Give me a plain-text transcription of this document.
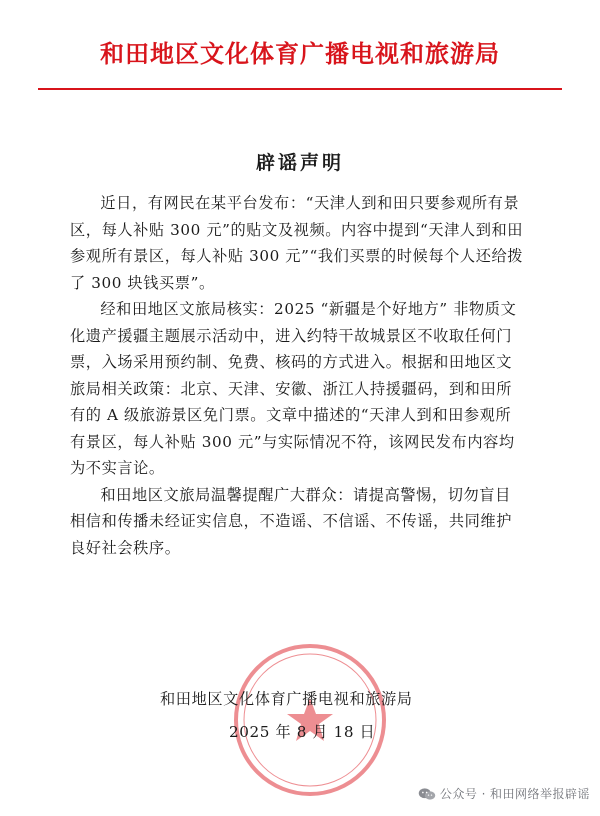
和田地区文化体育广播电视和旅游局
辟谣声明

近日，有网民在某平台发布：“天津人到和田只要参观所有景区，每人补贴 300 元”的贴文及视频。内容中提到“天津人到和田参观所有景区，每人补贴 300 元”“我们买票的时候每个人还给拨了 300 块钱买票”。

经和田地区文旅局核实：2025 “新疆是个好地方” 非物质文化遗产援疆主题展示活动中，进入约特干故城景区不收取任何门票，入场采用预约制、免费、核码的方式进入。根据和田地区文旅局相关政策：北京、天津、安徽、浙江人持援疆码，到和田所有的 A 级旅游景区免门票。文章中描述的“天津人到和田参观所有景区，每人补贴 300 元”与实际情况不符，该网民发布内容均为不实言论。

和田地区文旅局温馨提醒广大群众：请提高警惕，切勿盲目相信和传播未经证实信息，不造谣、不信谣、不传谣，共同维护良好社会秩序。

和田地区文化体育广播电视和旅游局
2025 年 8 月 18 日
公众号 · 和田网络举报辟谣
